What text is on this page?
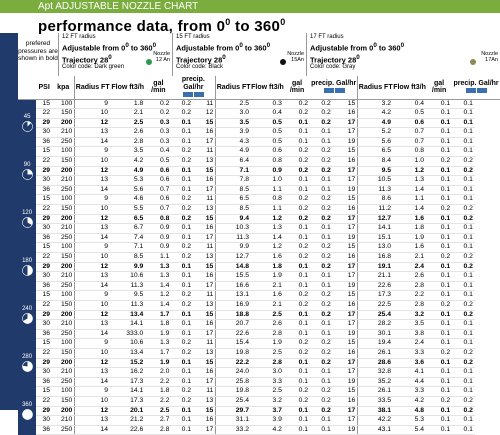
Apt ADJUSTABLE NOZZLE CHART
performance data, from $0^0$ to $360^0$
prefered pressures are shown in bold
12 FT radius
Adjustable from $0^0$ to $360^0$
Trajectory $28^0$
Color code: Dark green
Nozzle
12 An
15 FT radius
Adjustable from $0^0$ to $360^0$
Trajectory $28^0$
Color code: Black
Nozzle
15An
17 FT radius
Adjustable from $0^0$ to $360^0$
Trajectory $28^0$
Color code: Gray
Nozzle
17An
	PSI	kpa	Radius FT	Flow ft3/h	gal /min	precip. Gal/hr		Radius FT	Flow ft3/h	gal /min	precip. Gal/hr		Radius FT	Flow ft3/h	gal /min	precip. Gal/hr

45	15	100	9	1.8	0.2	0.2	11	2.5	0.3	0.2	0.2	15	3.2	0.4	0.1	0.1
	22	150	10	2.1	0.2	0.2	12	3.0	0.4	0.2	0.2	16	4.2	0.5	0.1	0.1
	29	200	12	2.5	0.3	0.1	15	3.5	0.5	0.1	0.2	17	4.9	0.6	0.1	0.1
	30	210	13	2.6	0.3	0.1	16	3.9	0.5	0.1	0.1	17	5.2	0.7	0.1	0.1
	36	250	14	2.8	0.3	0.1	17	4.3	0.5	0.1	0.1	19	5.6	0.7	0.1	0.1

90	15	100	9	3.5	0.4	0.2	11	4.9	0.6	0.2	0.2	15	6.5	0.8	0.1	0.1
	22	150	10	4.2	0.5	0.2	13	6.4	0.8	0.2	0.2	16	8.4	1.0	0.2	0.2
	29	200	12	4.9	0.6	0.1	15	7.1	0.9	0.2	0.2	17	9.5	1.2	0.1	0.2
	30	210	13	5.3	0.6	0.1	16	7.8	1.0	0.1	0.1	17	10.5	1.3	0.1	0.1
	36	250	14	5.6	0.7	0.1	17	8.5	1.1	0.1	0.1	19	11.3	1.4	0.1	0.1

120	15	100	9	4.6	0.6	0.2	11	6.5	0.8	0.2	0.2	15	8.6	1.1	0.1	0.1
	22	150	10	5.5	0.7	0.2	13	8.5	1.1	0.2	0.2	16	11.2	1.4	0.2	0.2
	29	200	12	6.5	0.8	0.2	15	9.4	1.2	0.2	0.2	17	12.7	1.6	0.1	0.2
	30	210	13	6.7	0.9	0.1	16	10.3	1.3	0.1	0.1	17	14.1	1.8	0.1	0.1
	36	250	14	7.4	0.9	0.1	17	11.3	1.4	0.1	0.1	19	15.1	1.9	0.1	0.1

180	15	100	9	7.1	0.9	0.2	11	9.9	1.2	0.2	0.2	15	13.0	1.6	0.1	0.1
	22	150	10	8.5	1.1	0.2	13	12.7	1.6	0.2	0.2	16	16.8	2.1	0.2	0.2
	29	200	12	9.9	1.3	0.1	15	14.8	1.8	0.1	0.2	17	19.1	2.4	0.1	0.2
	30	210	13	10.6	1.3	0.1	16	15.5	1.9	0.1	0.1	17	21.1	2.6	0.1	0.1
	36	250	14	11.3	1.4	0.1	17	16.6	2.1	0.1	0.1	19	22.6	2.8	0.1	0.1

240	15	100	9	9.5	1.2	0.2	11	13.1	1.6	0.2	0.2	15	17.3	2.2	0.1	0.1
	22	150	10	11.3	1.4	0.2	13	16.9	2.1	0.2	0.2	16	22.5	2.8	0.2	0.2
	29	200	12	13.4	1.7	0.1	15	18.8	2.5	0.1	0.2	17	25.4	3.2	0.1	0.2
	30	210	13	14.1	1.8	0.1	16	20.7	2.6	0.1	0.1	17	28.2	3.5	0.1	0.1
	36	250	14	333.0	1.9	0.1	17	22.6	2.8	0.1	0.1	19	30.1	3.8	0.1	0.1

280	15	100	9	10.6	1.3	0.2	11	15.4	1.9	0.2	0.2	15	19.4	2.4	0.1	0.1
	22	150	10	13.4	1.7	0.2	13	19.8	2.5	0.2	0.2	16	26.1	3.3	0.2	0.2
	29	200	12	15.2	1.9	0.1	15	22.2	2.8	0.1	0.2	17	28.6	3.6	0.1	0.2
	30	210	13	16.2	2.0	0.1	16	24.0	3.0	0.1	0.1	17	32.8	4.1	0.1	0.1
	36	250	14	17.3	2.2	0.1	17	25.8	3.3	0.1	0.1	19	35.2	4.4	0.1	0.1

360	15	100	9	14.1	1.8	0.2	11	19.8	2.5	0.2	0.2	15	26.1	3.3	0.1	0.1
	22	150	10	17.3	2.2	0.2	13	25.4	3.2	0.2	0.2	16	33.5	4.2	0.2	0.2
	29	200	12	20.1	2.5	0.1	15	29.7	3.7	0.1	0.2	17	38.1	4.8	0.1	0.2
	30	210	13	21.2	2.7	0.1	16	31.1	3.9	0.1	0.1	17	42.2	5.3	0.1	0.1
	36	250	14	22.6	2.8	0.1	17	33.2	4.2	0.1	0.1	19	43.1	5.4	0.1	0.1
